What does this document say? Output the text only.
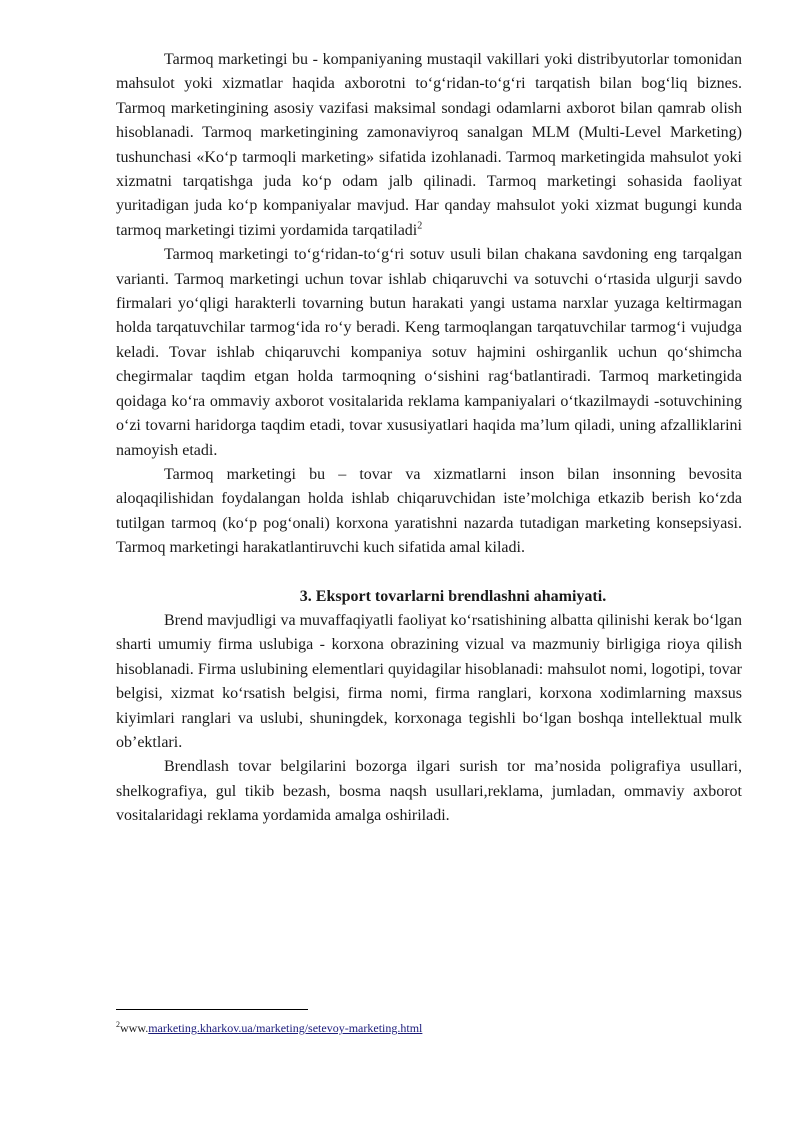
Tarmoq marketingi bu - kompaniyaning mustaqil vakillari yoki distribyutorlar tomonidan mahsulot yoki xizmatlar haqida axborotni to‘g‘ridan-to‘g‘ri tarqatish bilan bog‘liq biznes. Tarmoq marketingining asosiy vazifasi maksimal sondagi odamlarni axborot bilan qamrab olish hisoblanadi. Tarmoq marketingining zamonaviyroq sanalgan MLM (Multi-Level Marketing) tushunchasi «Ko‘p tarmoqli marketing» sifatida izohlanadi. Tarmoq marketingida mahsulot yoki xizmatni tarqatishga juda ko‘p odam jalb qilinadi. Tarmoq marketingi sohasida faoliyat yuritadigan juda ko‘p kompaniyalar mavjud. Har qanday mahsulot yoki xizmat bugungi kunda tarmoq marketingi tizimi yordamida tarqatiladi$^2$

Tarmoq marketingi to‘g‘ridan-to‘g‘ri sotuv usuli bilan chakana savdoning eng tarqalgan varianti. Tarmoq marketingi uchun tovar ishlab chiqaruvchi va sotuvchi o‘rtasida ulgurji savdo firmalari yo‘qligi harakterli tovarning butun harakati yangi ustama narxlar yuzaga keltirmagan holda tarqatuvchilar tarmog‘ida ro‘y beradi. Keng tarmoqlangan tarqatuvchilar tarmog‘i vujudga keladi. Tovar ishlab chiqaruvchi kompaniya sotuv hajmini oshirganlik uchun qo‘shimcha chegirmalar taqdim etgan holda tarmoqning o‘sishini rag‘batlantiradi. Tarmoq marketingida qoidaga ko‘ra ommaviy axborot vositalarida reklama kampaniyalari o‘tkazilmaydi -sotuvchining o‘zi tovarni haridorga taqdim etadi, tovar xususiyatlari haqida ma’lum qiladi, uning afzalliklarini namoyish etadi.

Tarmoq marketingi bu – tovar va xizmatlarni inson bilan insonning bevosita aloqaqilishidan foydalangan holda ishlab chiqaruvchidan iste’molchiga etkazib berish ko‘zda tutilgan tarmoq (ko‘p pog‘onali) korxona yaratishni nazarda tutadigan marketing konsepsiyasi. Tarmoq marketingi harakatlantiruvchi kuch sifatida amal kiladi.

3. Eksport tovarlarni brendlashni ahamiyati.

Brend mavjudligi va muvaffaqiyatli faoliyat ko‘rsatishining albatta qilinishi kerak bo‘lgan sharti umumiy firma uslubiga - korxona obrazining vizual va mazmuniy birligiga rioya qilish hisoblanadi. Firma uslubining elementlari quyidagilar hisoblanadi: mahsulot nomi, logotipi, tovar belgisi, xizmat ko‘rsatish belgisi, firma nomi, firma ranglari, korxona xodimlarning maxsus kiyimlari ranglari va uslubi, shuningdek, korxonaga tegishli bo‘lgan boshqa intellektual mulk ob’ektlari.

Brendlash tovar belgilarini bozorga ilgari surish tor ma’nosida poligrafiya usullari, shelkografiya, gul tikib bezash, bosma naqsh usullari,reklama, jumladan, ommaviy axborot vositalaridagi reklama yordamida amalga oshiriladi.

$^2$www.marketing.kharkov.ua/marketing/setevoy-marketing.html
